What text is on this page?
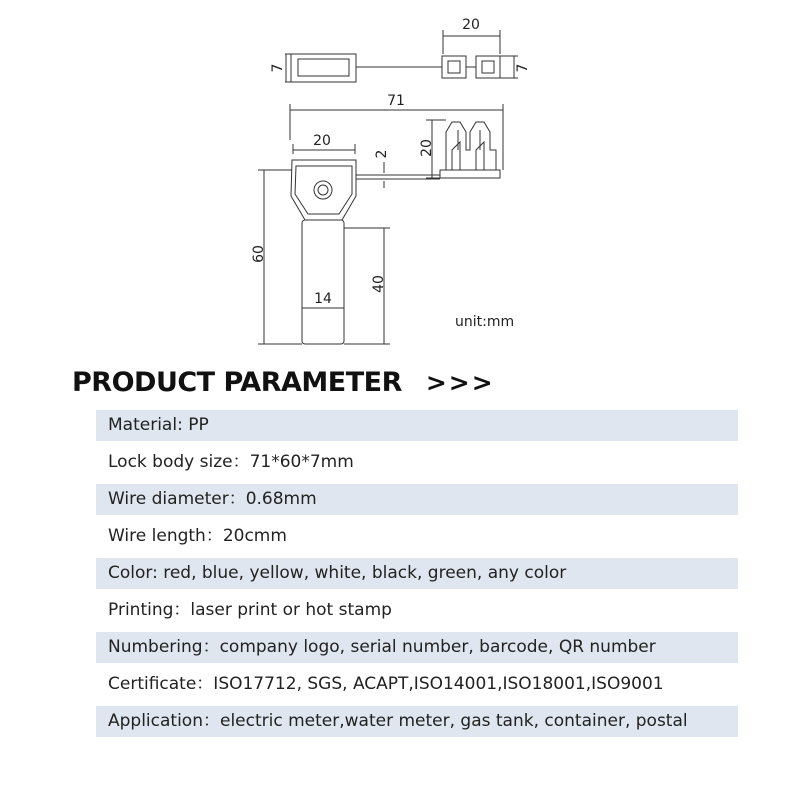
20
7	7
71
20
2 20
60
40
14
unit:mm
PRODUCT PARAMETER >>>
Material: PP
Lock body size：71*60*7mm
Wire diameter：0.68mm
Wire length：20cmm
Color: red, blue, yellow, white, black, green, any color
Printing：laser print or hot stamp
Numbering：company logo, serial number, barcode, QR number
Certificate：ISO17712, SGS, ACAPT,ISO14001,ISO18001,ISO9001
Application：electric meter,water meter, gas tank, container, postal
